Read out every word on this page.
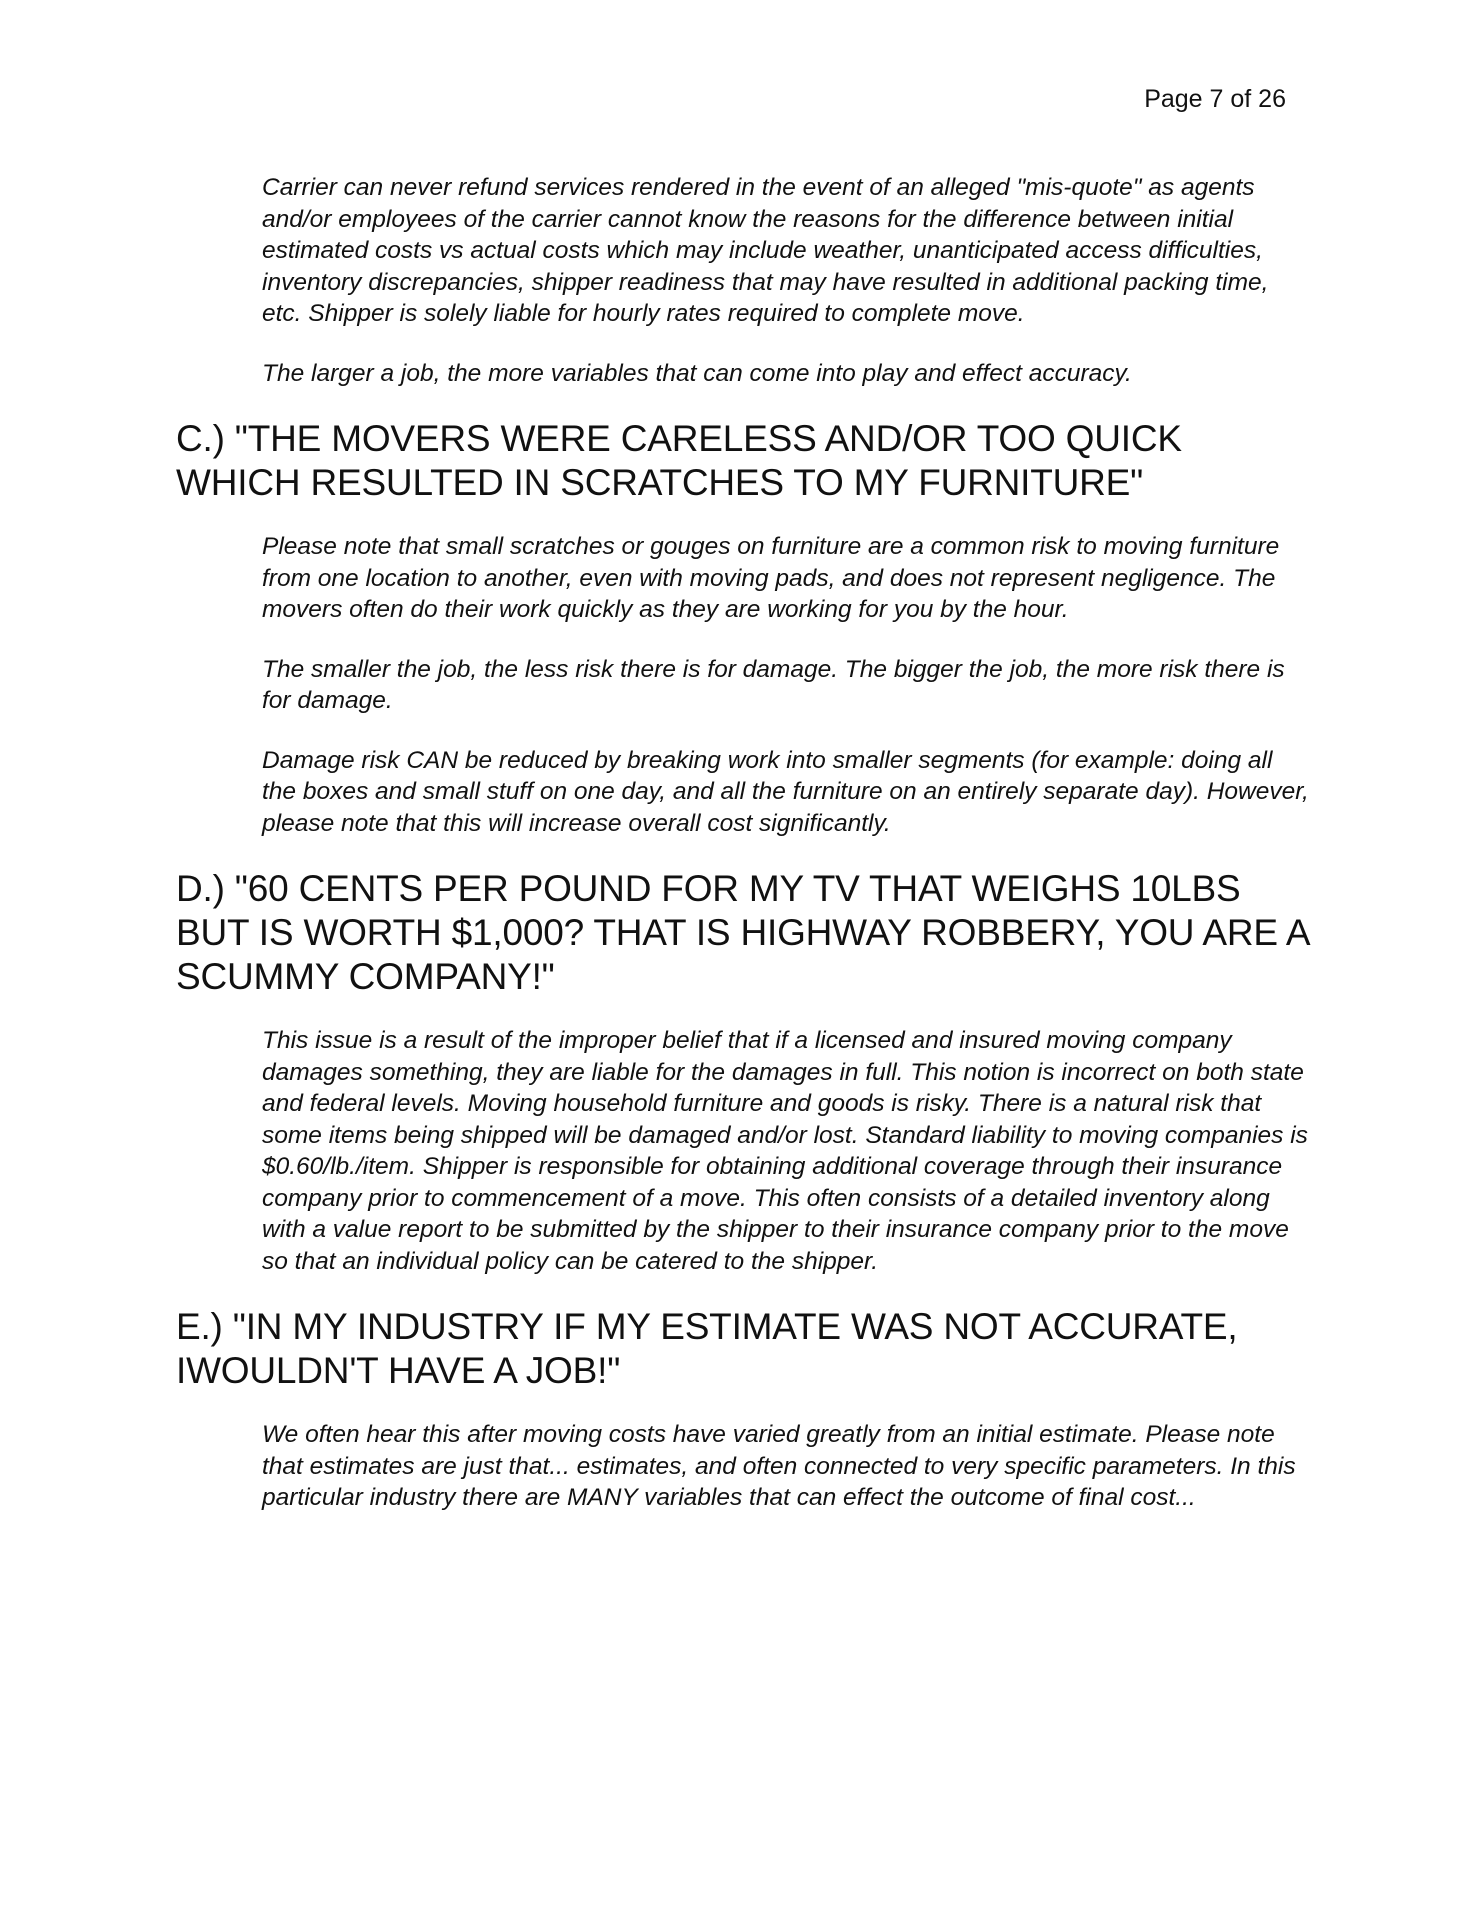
Page 7 of 26

Carrier can never refund services rendered in the event of an alleged "mis-quote" as agents and/or employees of the carrier cannot know the reasons for the difference between initial estimated costs vs actual costs which may include weather, unanticipated access difficulties, inventory discrepancies, shipper readiness that may have resulted in additional packing time, etc. Shipper is solely liable for hourly rates required to complete move.

The larger a job, the more variables that can come into play and effect accuracy.

C.) "THE MOVERS WERE CARELESS AND/OR TOO QUICK WHICH RESULTED IN SCRATCHES TO MY FURNITURE"

Please note that small scratches or gouges on furniture are a common risk to moving furniture from one location to another, even with moving pads, and does not represent negligence. The movers often do their work quickly as they are working for you by the hour.

The smaller the job, the less risk there is for damage. The bigger the job, the more risk there is for damage.

Damage risk CAN be reduced by breaking work into smaller segments (for example: doing all the boxes and small stuff on one day, and all the furniture on an entirely separate day). However, please note that this will increase overall cost significantly.

D.) "60 CENTS PER POUND FOR MY TV THAT WEIGHS 10LBS BUT IS WORTH $1,000? THAT IS HIGHWAY ROBBERY, YOU ARE A SCUMMY COMPANY!"

This issue is a result of the improper belief that if a licensed and insured moving company damages something, they are liable for the damages in full. This notion is incorrect on both state and federal levels. Moving household furniture and goods is risky. There is a natural risk that some items being shipped will be damaged and/or lost. Standard liability to moving companies is $0.60/lb./item. Shipper is responsible for obtaining additional coverage through their insurance company prior to commencement of a move. This often consists of a detailed inventory along with a value report to be submitted by the shipper to their insurance company prior to the move so that an individual policy can be catered to the shipper.

E.) "IN MY INDUSTRY IF MY ESTIMATE WAS NOT ACCURATE, IWOULDN'T HAVE A JOB!"

We often hear this after moving costs have varied greatly from an initial estimate. Please note that estimates are just that... estimates, and often connected to very specific parameters. In this particular industry there are MANY variables that can effect the outcome of final cost...
